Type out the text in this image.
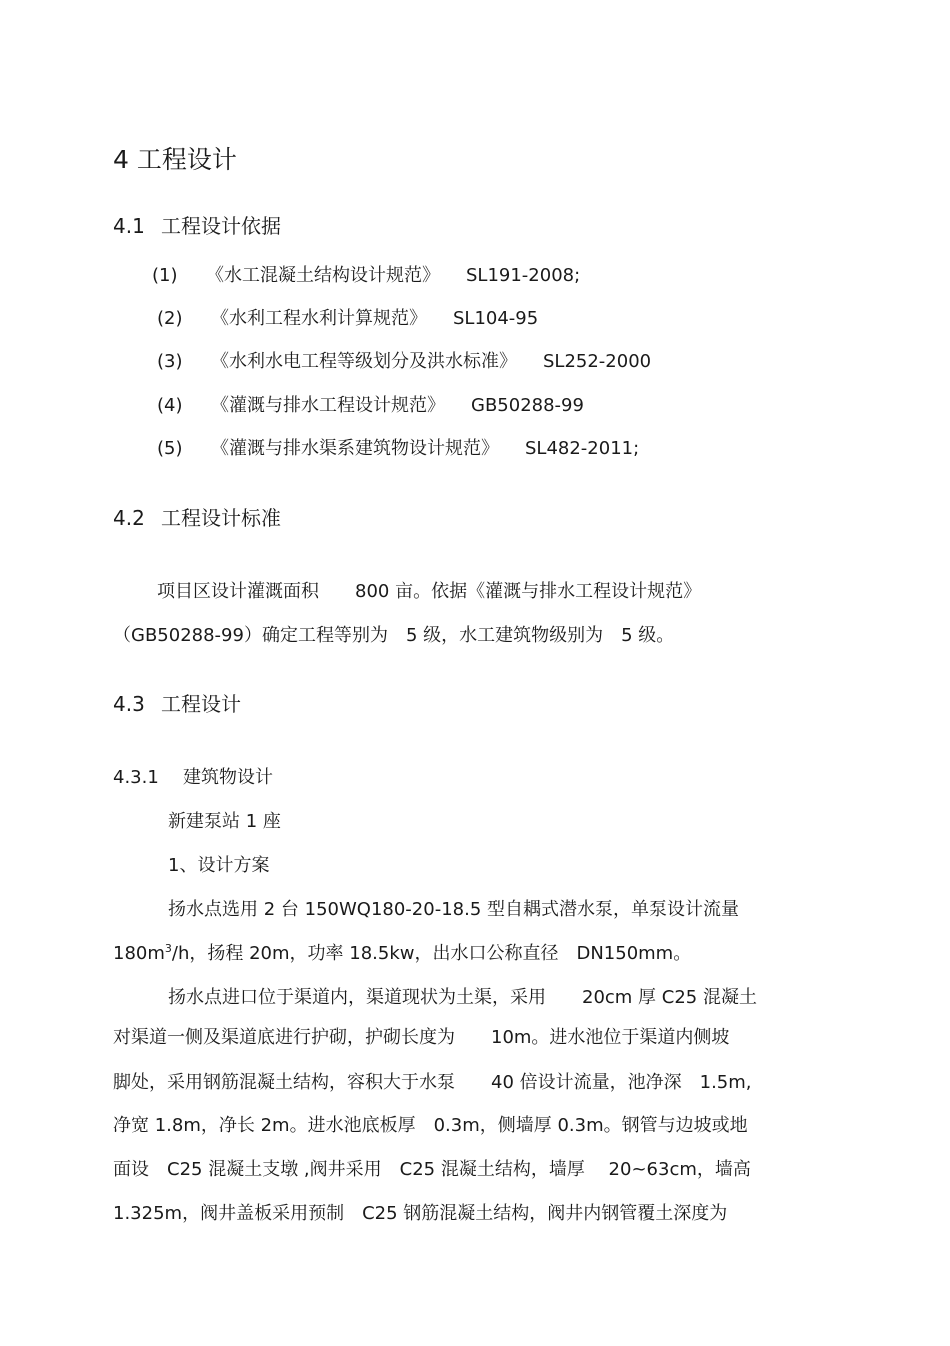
4 工程设计
4.1 工程设计依据
(1) 《水工混凝土结构设计规范》 SL191-2008;
(2) 《水利工程水利计算规范》 SL104-95
(3) 《水利水电工程等级划分及洪水标准》 SL252-2000
(4) 《灌溉与排水工程设计规范》 GB50288-99
(5) 《灌溉与排水渠系建筑物设计规范》 SL482-2011;
4.2 工程设计标准
项目区设计灌溉面积　　800 亩。依据《灌溉与排水工程设计规范》
（GB50288-99）确定工程等别为　5 级，水工建筑物级别为　5 级。
4.3 工程设计
4.3.1 建筑物设计
新建泵站 1 座
1、设计方案
扬水点选用 2 台 150WQ180-20-18.5 型自耦式潜水泵，单泵设计流量
$180m^3/h$，扬程 20m，功率 18.5kw，出水口公称直径　DN150mm。
扬水点进口位于渠道内，渠道现状为土渠，采用　　20cm 厚 C25 混凝土
对渠道一侧及渠道底进行护砌，护砌长度为　　10m。进水池位于渠道内侧坡
脚处，采用钢筋混凝土结构，容积大于水泵　　40 倍设计流量，池净深　1.5m,
净宽 1.8m，净长 2m。进水池底板厚　0.3m，侧墙厚 0.3m。钢管与边坡或地
面设　C25 混凝土支墩 ,阀井采用　C25 混凝土结构，墙厚　 20~63cm，墙高
1.325m，阀井盖板采用预制　C25 钢筋混凝土结构，阀井内钢管覆土深度为
